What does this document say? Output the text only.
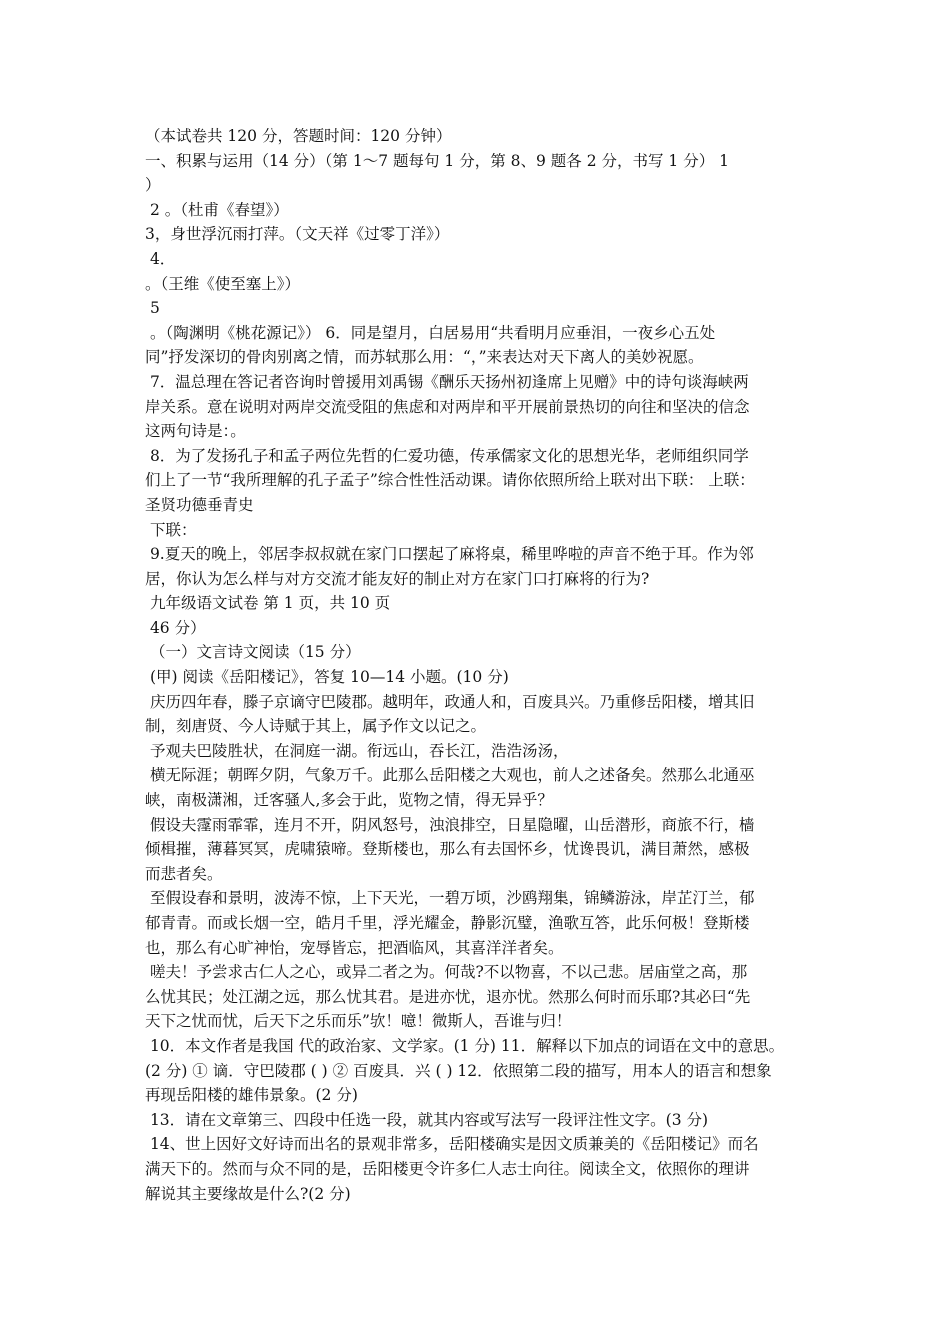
（本试卷共 120 分，答题时间：120 分钟）

一、积累与运用（14 分）（第 1～7 题每句 1 分，第 8、9 题各 2 分，书写 1 分） 1

）

2 。（杜甫《春望》）

3，身世浮沉雨打萍。（文天祥《过零丁洋》）

4．

。（王维《使至塞上》）

5

。（陶渊明《桃花源记》） 6．同是望月，白居易用“共看明月应垂泪，一夜乡心五处

同”抒发深切的骨肉别离之情，而苏轼那么用：“，”来表达对天下离人的美妙祝愿。

7．温总理在答记者咨询时曾援用刘禹锡《酬乐天扬州初逢席上见赠》中的诗句谈海峡两

岸关系。意在说明对两岸交流受阻的焦虑和对两岸和平开展前景热切的向往和坚决的信念

这两句诗是：。

8．为了发扬孔子和孟子两位先哲的仁爱功德，传承儒家文化的思想光华，老师组织同学

们上了一节“我所理解的孔子孟子”综合性性活动课。请你依照所给上联对出下联： 上联：

圣贤功德垂青史

下联：

9.夏天的晚上，邻居李叔叔就在家门口摆起了麻将桌，稀里哗啦的声音不绝于耳。作为邻

居，你认为怎么样与对方交流才能友好的制止对方在家门口打麻将的行为?

九年级语文试卷 第 1 页，共 10 页

46 分）

（一）文言诗文阅读（15 分）

(甲) 阅读《岳阳楼记》，答复 10—14 小题。(10 分)

庆历四年春，滕子京谪守巴陵郡。越明年，政通人和，百废具兴。乃重修岳阳楼，增其旧

制，刻唐贤、今人诗赋于其上，属予作文以记之。

予观夫巴陵胜状，在洞庭一湖。衔远山，吞长江，浩浩汤汤，

横无际涯；朝晖夕阴，气象万千。此那么岳阳楼之大观也，前人之述备矣。然那么北通巫

峡，南极潇湘，迁客骚人,多会于此，览物之情，得无异乎？

假设夫霪雨霏霏，连月不开，阴风怒号，浊浪排空，日星隐曜，山岳潜形，商旅不行，樯

倾楫摧，薄暮冥冥，虎啸猿啼。登斯楼也，那么有去国怀乡，忧谗畏讥，满目萧然，感极

而悲者矣。

至假设春和景明，波涛不惊，上下天光，一碧万顷，沙鸥翔集，锦鳞游泳，岸芷汀兰，郁

郁青青。而或长烟一空，皓月千里，浮光耀金，静影沉璧，渔歌互答，此乐何极！登斯楼

也，那么有心旷神怡，宠辱皆忘，把酒临风，其喜洋洋者矣。

嗟夫！予尝求古仁人之心，或异二者之为。何哉?不以物喜，不以己悲。居庙堂之高，那

么忧其民；处江湖之远，那么忧其君。是进亦忧，退亦忧。然那么何时而乐耶?其必曰“先

天下之忧而忧，后天下之乐而乐”欤！噫！微斯人，吾谁与归！

10．本文作者是我国 代的政治家、文学家。(1 分) 11．解释以下加点的词语在文中的意思。

(2 分) ① 谪．守巴陵郡 ( ) ② 百废具．兴 ( ) 12．依照第二段的描写，用本人的语言和想象

再现岳阳楼的雄伟景象。(2 分)

13．请在文章第三、四段中任选一段，就其内容或写法写一段评注性文字。(3 分)

14、世上因好文好诗而出名的景观非常多，岳阳楼确实是因文质兼美的《岳阳楼记》而名

满天下的。然而与众不同的是，岳阳楼更令许多仁人志士向往。阅读全文，依照你的理讲

解说其主要缘故是什么?(2 分)
